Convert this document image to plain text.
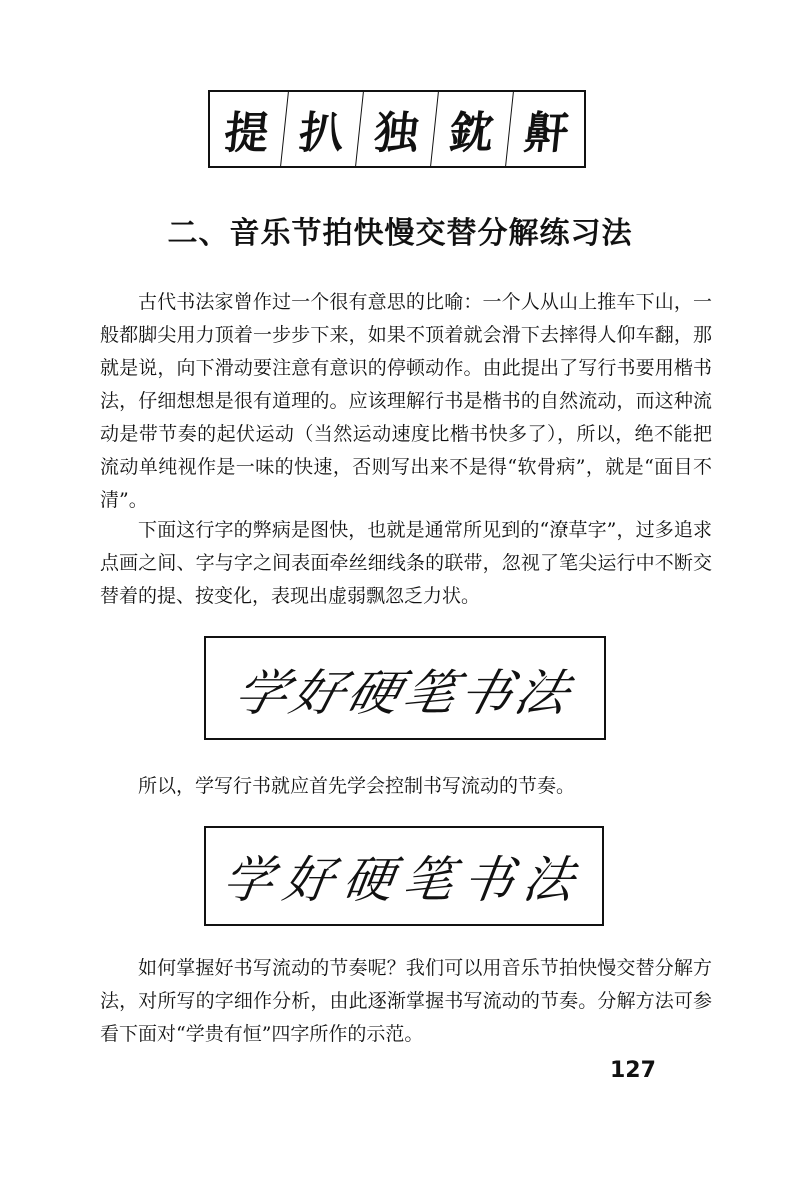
提 扒 独 鈂 鼾
二、音乐节拍快慢交替分解练习法

古代书法家曾作过一个很有意思的比喻：一个人从山上推车下山，一般都脚尖用力顶着一步步下来，如果不顶着就会滑下去摔得人仰车翻，那就是说，向下滑动要注意有意识的停顿动作。由此提出了写行书要用楷书法，仔细想想是很有道理的。应该理解行书是楷书的自然流动，而这种流动是带节奏的起伏运动（当然运动速度比楷书快多了），所以，绝不能把流动单纯视作是一味的快速，否则写出来不是得“软骨病”，就是“面目不清”。

下面这行字的弊病是图快，也就是通常所见到的“潦草字”，过多追求点画之间、字与字之间表面牵丝细线条的联带，忽视了笔尖运行中不断交替着的提、按变化，表现出虚弱飘忽乏力状。

学好硬笔书法

所以，学写行书就应首先学会控制书写流动的节奏。

学好硬笔书法

如何掌握好书写流动的节奏呢？我们可以用音乐节拍快慢交替分解方法，对所写的字细作分析，由此逐渐掌握书写流动的节奏。分解方法可参看下面对“学贵有恒”四字所作的示范。

127
